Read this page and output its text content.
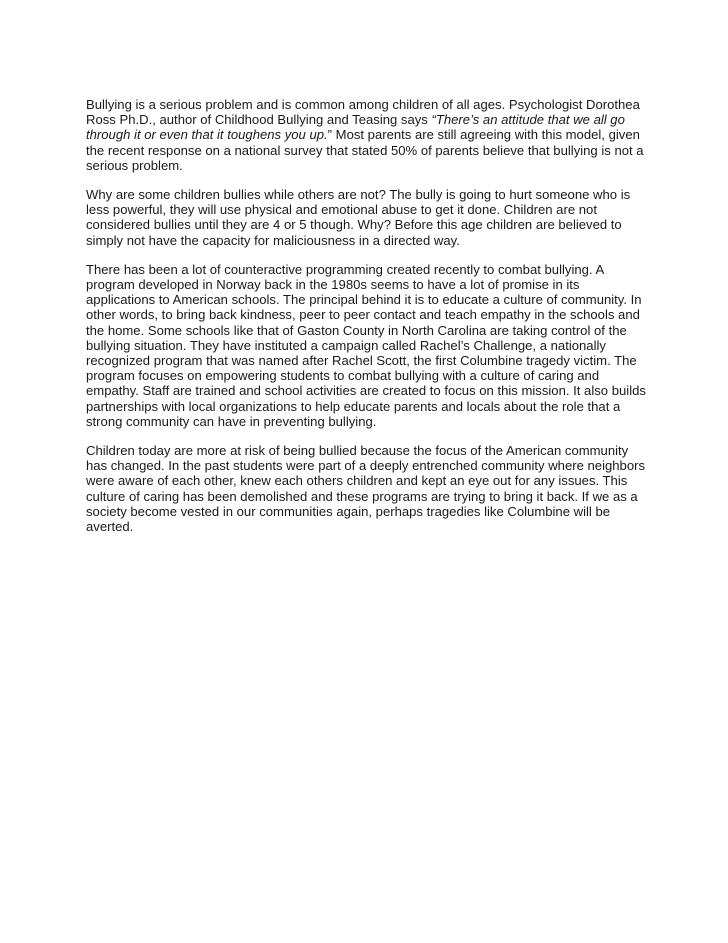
Bullying is a serious problem and is common among children of all ages. Psychologist Dorothea Ross Ph.D., author of Childhood Bullying and Teasing says “There’s an attitude that we all go through it or even that it toughens you up.” Most parents are still agreeing with this model, given the recent response on a national survey that stated 50% of parents believe that bullying is not a serious problem.

Why are some children bullies while others are not? The bully is going to hurt someone who is less powerful, they will use physical and emotional abuse to get it done. Children are not considered bullies until they are 4 or 5 though. Why? Before this age children are believed to simply not have the capacity for maliciousness in a directed way.

There has been a lot of counteractive programming created recently to combat bullying. A program developed in Norway back in the 1980s seems to have a lot of promise in its applications to American schools. The principal behind it is to educate a culture of community. In other words, to bring back kindness, peer to peer contact and teach empathy in the schools and the home. Some schools like that of Gaston County in North Carolina are taking control of the bullying situation. They have instituted a campaign called Rachel’s Challenge, a nationally recognized program that was named after Rachel Scott, the first Columbine tragedy victim. The program focuses on empowering students to combat bullying with a culture of caring and empathy. Staff are trained and school activities are created to focus on this mission. It also builds partnerships with local organizations to help educate parents and locals about the role that a strong community can have in preventing bullying.

Children today are more at risk of being bullied because the focus of the American community has changed. In the past students were part of a deeply entrenched community where neighbors were aware of each other, knew each others children and kept an eye out for any issues. This culture of caring has been demolished and these programs are trying to bring it back. If we as a society become vested in our communities again, perhaps tragedies like Columbine will be averted.
